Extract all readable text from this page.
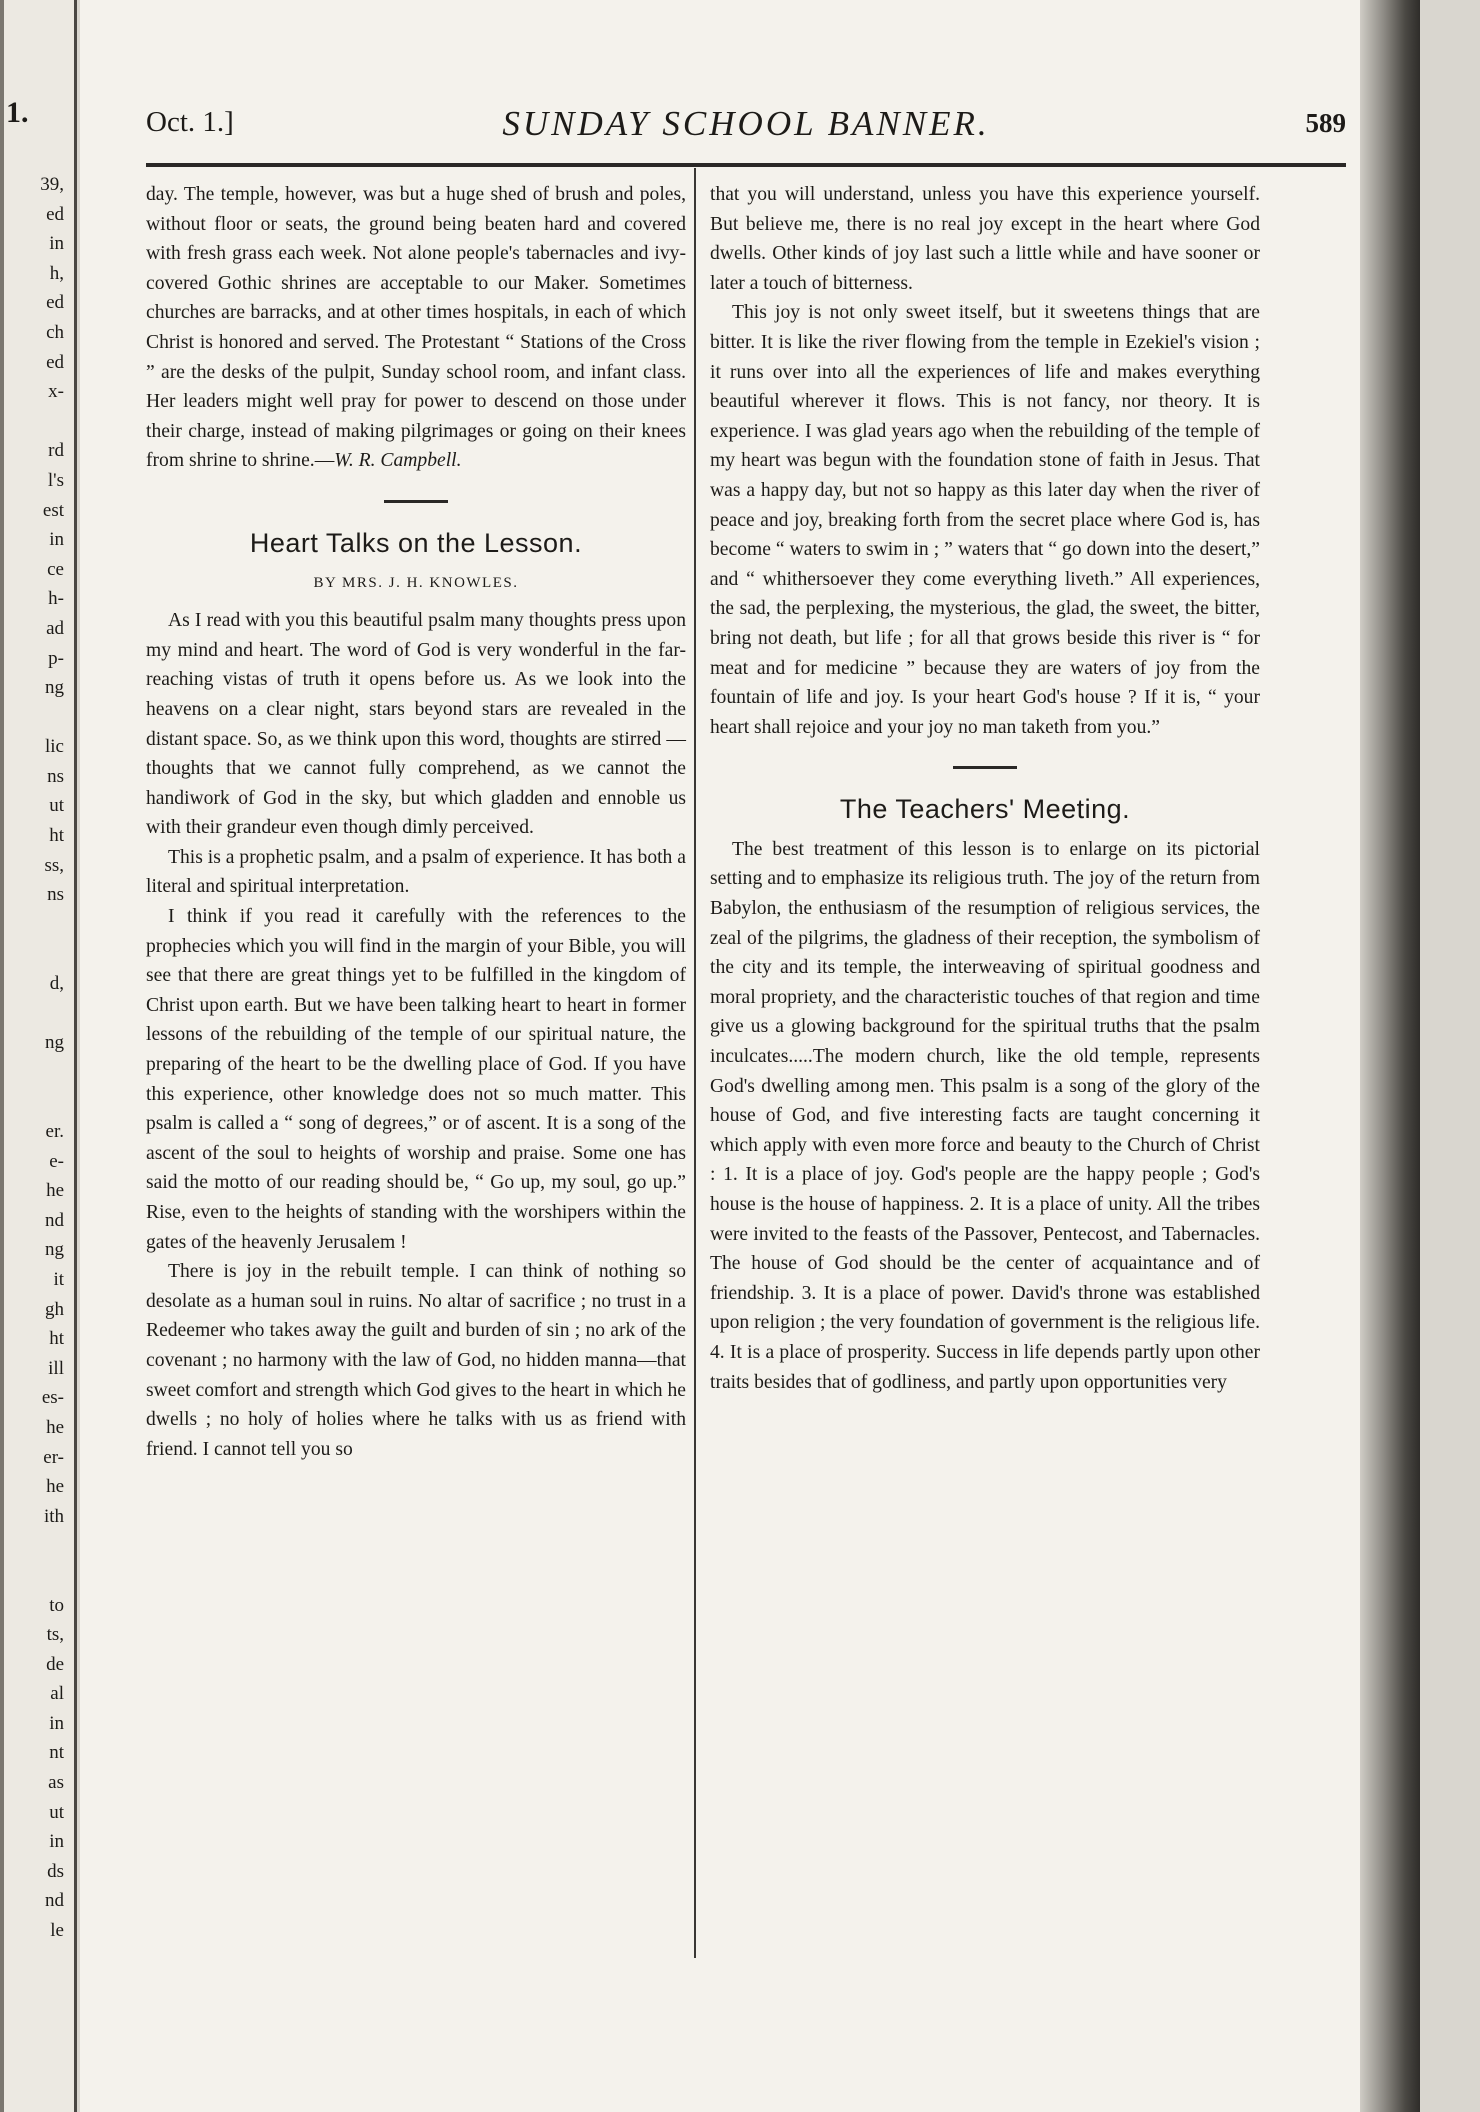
1.
39,
ed
in
h,
ed
ch
ed
x-
rd
l's
est
in
ce
h-
ad
p-
ng
lic
ns
ut
ht
ss,
ns
d,
ng
er.
e-
he
nd
ng
it
gh
ht
ill
es-
he
er-
he
ith
to
ts,
de
al
in
nt
as
ut
in
ds
nd
le
Oct. 1.]	SUNDAY SCHOOL BANNER.	589

day. The temple, however, was but a huge shed of brush and poles, without floor or seats, the ground being beaten hard and covered with fresh grass each week. Not alone people's tabernacles and ivy-covered Gothic shrines are acceptable to our Maker. Sometimes churches are barracks, and at other times hospitals, in each of which Christ is honored and served. The Protestant “ Stations of the Cross ” are the desks of the pulpit, Sunday school room, and infant class. Her leaders might well pray for power to descend on those under their charge, instead of making pilgrimages or going on their knees from shrine to shrine.—W. R. Campbell.

Heart Talks on the Lesson.
BY MRS. J. H. KNOWLES.

As I read with you this beautiful psalm many thoughts press upon my mind and heart. The word of God is very wonderful in the far-reaching vistas of truth it opens before us. As we look into the heavens on a clear night, stars beyond stars are revealed in the distant space. So, as we think upon this word, thoughts are stirred —thoughts that we cannot fully comprehend, as we cannot the handiwork of God in the sky, but which gladden and ennoble us with their grandeur even though dimly perceived.

This is a prophetic psalm, and a psalm of experience. It has both a literal and spiritual interpretation.

I think if you read it carefully with the references to the prophecies which you will find in the margin of your Bible, you will see that there are great things yet to be fulfilled in the kingdom of Christ upon earth. But we have been talking heart to heart in former lessons of the rebuilding of the temple of our spiritual nature, the preparing of the heart to be the dwelling place of God. If you have this experience, other knowledge does not so much matter. This psalm is called a “ song of degrees,” or of ascent. It is a song of the ascent of the soul to heights of worship and praise. Some one has said the motto of our reading should be, “ Go up, my soul, go up.” Rise, even to the heights of standing with the worshipers within the gates of the heavenly Jerusalem !

There is joy in the rebuilt temple. I can think of nothing so desolate as a human soul in ruins. No altar of sacrifice ; no trust in a Redeemer who takes away the guilt and burden of sin ; no ark of the covenant ; no harmony with the law of God, no hidden manna—that sweet comfort and strength which God gives to the heart in which he dwells ; no holy of holies where he talks with us as friend with friend. I cannot tell you so

that you will understand, unless you have this experience yourself. But believe me, there is no real joy except in the heart where God dwells. Other kinds of joy last such a little while and have sooner or later a touch of bitterness.

This joy is not only sweet itself, but it sweetens things that are bitter. It is like the river flowing from the temple in Ezekiel's vision ; it runs over into all the experiences of life and makes everything beautiful wherever it flows. This is not fancy, nor theory. It is experience. I was glad years ago when the rebuilding of the temple of my heart was begun with the foundation stone of faith in Jesus. That was a happy day, but not so happy as this later day when the river of peace and joy, breaking forth from the secret place where God is, has become “ waters to swim in ; ” waters that “ go down into the desert,” and “ whithersoever they come everything liveth.” All experiences, the sad, the perplexing, the mysterious, the glad, the sweet, the bitter, bring not death, but life ; for all that grows beside this river is “ for meat and for medicine ” because they are waters of joy from the fountain of life and joy. Is your heart God's house ? If it is, “ your heart shall rejoice and your joy no man taketh from you.”

The Teachers' Meeting.

The best treatment of this lesson is to enlarge on its pictorial setting and to emphasize its religious truth. The joy of the return from Babylon, the enthusiasm of the resumption of religious services, the zeal of the pilgrims, the gladness of their reception, the symbolism of the city and its temple, the interweaving of spiritual goodness and moral propriety, and the characteristic touches of that region and time give us a glowing background for the spiritual truths that the psalm inculcates.....The modern church, like the old temple, represents God's dwelling among men. This psalm is a song of the glory of the house of God, and five interesting facts are taught concerning it which apply with even more force and beauty to the Church of Christ : 1. It is a place of joy. God's people are the happy people ; God's house is the house of happiness. 2. It is a place of unity. All the tribes were invited to the feasts of the Passover, Pentecost, and Tabernacles. The house of God should be the center of acquaintance and of friendship. 3. It is a place of power. David's throne was established upon religion ; the very foundation of government is the religious life. 4. It is a place of prosperity. Success in life depends partly upon other traits besides that of godliness, and partly upon opportunities very
